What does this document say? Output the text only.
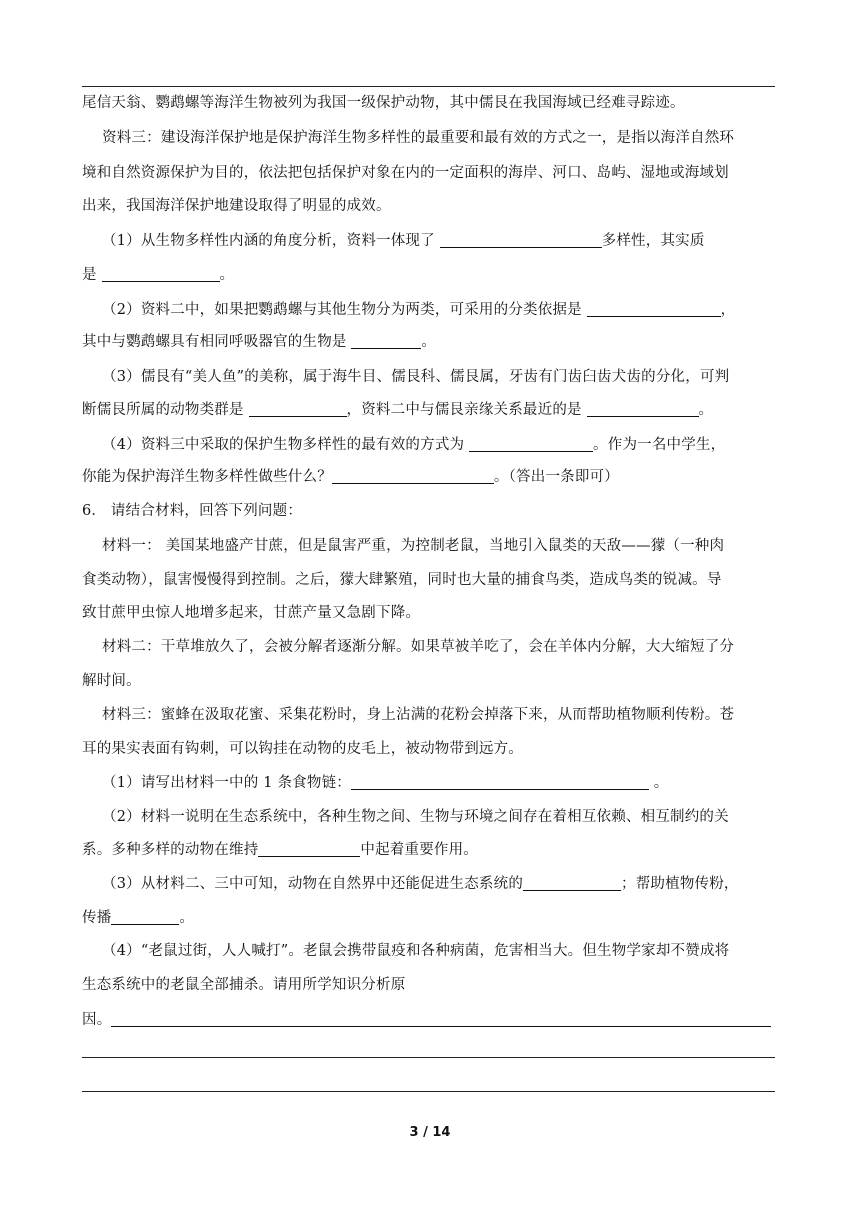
尾信天翁、鹦鹉螺等海洋生物被列为我国一级保护动物，其中儒艮在我国海域已经难寻踪迹。
资料三：建设海洋保护地是保护海洋生物多样性的最重要和最有效的方式之一，是指以海洋自然环
境和自然资源保护为目的，依法把包括保护对象在内的一定面积的海岸、河口、岛屿、湿地或海域划
出来，我国海洋保护地建设取得了明显的成效。
（1）从生物多样性内涵的角度分析，资料一体现了	多样性，其实质
是	。
（2）资料二中，如果把鹦鹉螺与其他生物分为两类，可采用的分类依据是	，
其中与鹦鹉螺具有相同呼吸器官的生物是	。
（3）儒艮有“美人鱼”的美称，属于海牛目、儒艮科、儒艮属，牙齿有门齿臼齿犬齿的分化，可判
断儒艮所属的动物类群是	，资料二中与儒艮亲缘关系最近的是	。
（4）资料三中采取的保护生物多样性的最有效的方式为	。作为一名中学生，
你能为保护海洋生物多样性做些什么？	。（答出一条即可）
6． 请结合材料，回答下列问题：
材料一： 美国某地盛产甘蔗，但是鼠害严重，为控制老鼠，当地引入鼠类的天敌——獴（一种肉
食类动物），鼠害慢慢得到控制。之后，獴大肆繁殖，同时也大量的捕食鸟类，造成鸟类的锐减。导
致甘蔗甲虫惊人地增多起来，甘蔗产量又急剧下降。
材料二：干草堆放久了，会被分解者逐渐分解。如果草被羊吃了，会在羊体内分解，大大缩短了分
解时间。
材料三：蜜蜂在汲取花蜜、采集花粉时，身上沾满的花粉会掉落下来，从而帮助植物顺利传粉。苍
耳的果实表面有钩刺，可以钩挂在动物的皮毛上，被动物带到远方。
（1）请写出材料一中的 1 条食物链：	。
（2）材料一说明在生态系统中，各种生物之间、生物与环境之间存在着相互依赖、相互制约的关
系。多种多样的动物在维持	中起着重要作用。
（3）从材料二、三中可知，动物在自然界中还能促进生态系统的	；帮助植物传粉，
传播	。
（4）“老鼠过街，人人喊打”。老鼠会携带鼠疫和各种病菌，危害相当大。但生物学家却不赞成将
生态系统中的老鼠全部捕杀。请用所学知识分析原
因。
3 / 14
